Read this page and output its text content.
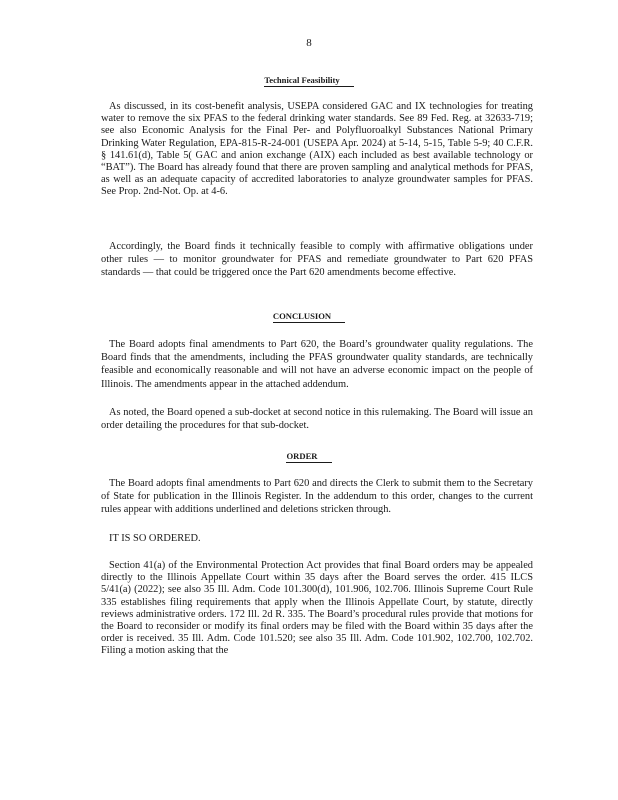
8
Technical Feasibility

As discussed, in its cost-benefit analysis, USEPA considered GAC and IX technologies for treating water to remove the six PFAS to the federal drinking water standards. See 89 Fed. Reg. at 32633-719; see also Economic Analysis for the Final Per- and Polyfluoroalkyl Substances National Primary Drinking Water Regulation, EPA-815-R-24-001 (USEPA Apr. 2024) at 5-14, 5-15, Table 5-9; 40 C.F.R. § 141.61(d), Table 5( GAC and anion exchange (AIX) each included as best available technology or “BAT”). The Board has already found that there are proven sampling and analytical methods for PFAS, as well as an adequate capacity of accredited laboratories to analyze groundwater samples for PFAS. See Prop. 2nd-Not. Op. at 4-6.

Accordingly, the Board finds it technically feasible to comply with affirmative obligations under other rules — to monitor groundwater for PFAS and remediate groundwater to Part 620 PFAS standards — that could be triggered once the Part 620 amendments become effective.

CONCLUSION

The Board adopts final amendments to Part 620, the Board’s groundwater quality regulations. The Board finds that the amendments, including the PFAS groundwater quality standards, are technically feasible and economically reasonable and will not have an adverse economic impact on the people of Illinois. The amendments appear in the attached addendum.

As noted, the Board opened a sub-docket at second notice in this rulemaking. The Board will issue an order detailing the procedures for that sub-docket.

ORDER

The Board adopts final amendments to Part 620 and directs the Clerk to submit them to the Secretary of State for publication in the Illinois Register. In the addendum to this order, changes to the current rules appear with additions underlined and deletions stricken through.

IT IS SO ORDERED.

Section 41(a) of the Environmental Protection Act provides that final Board orders may be appealed directly to the Illinois Appellate Court within 35 days after the Board serves the order. 415 ILCS 5/41(a) (2022); see also 35 Ill. Adm. Code 101.300(d), 101.906, 102.706. Illinois Supreme Court Rule 335 establishes filing requirements that apply when the Illinois Appellate Court, by statute, directly reviews administrative orders. 172 Ill. 2d R. 335. The Board’s procedural rules provide that motions for the Board to reconsider or modify its final orders may be filed with the Board within 35 days after the order is received. 35 Ill. Adm. Code 101.520; see also 35 Ill. Adm. Code 101.902, 102.700, 102.702. Filing a motion asking that the
